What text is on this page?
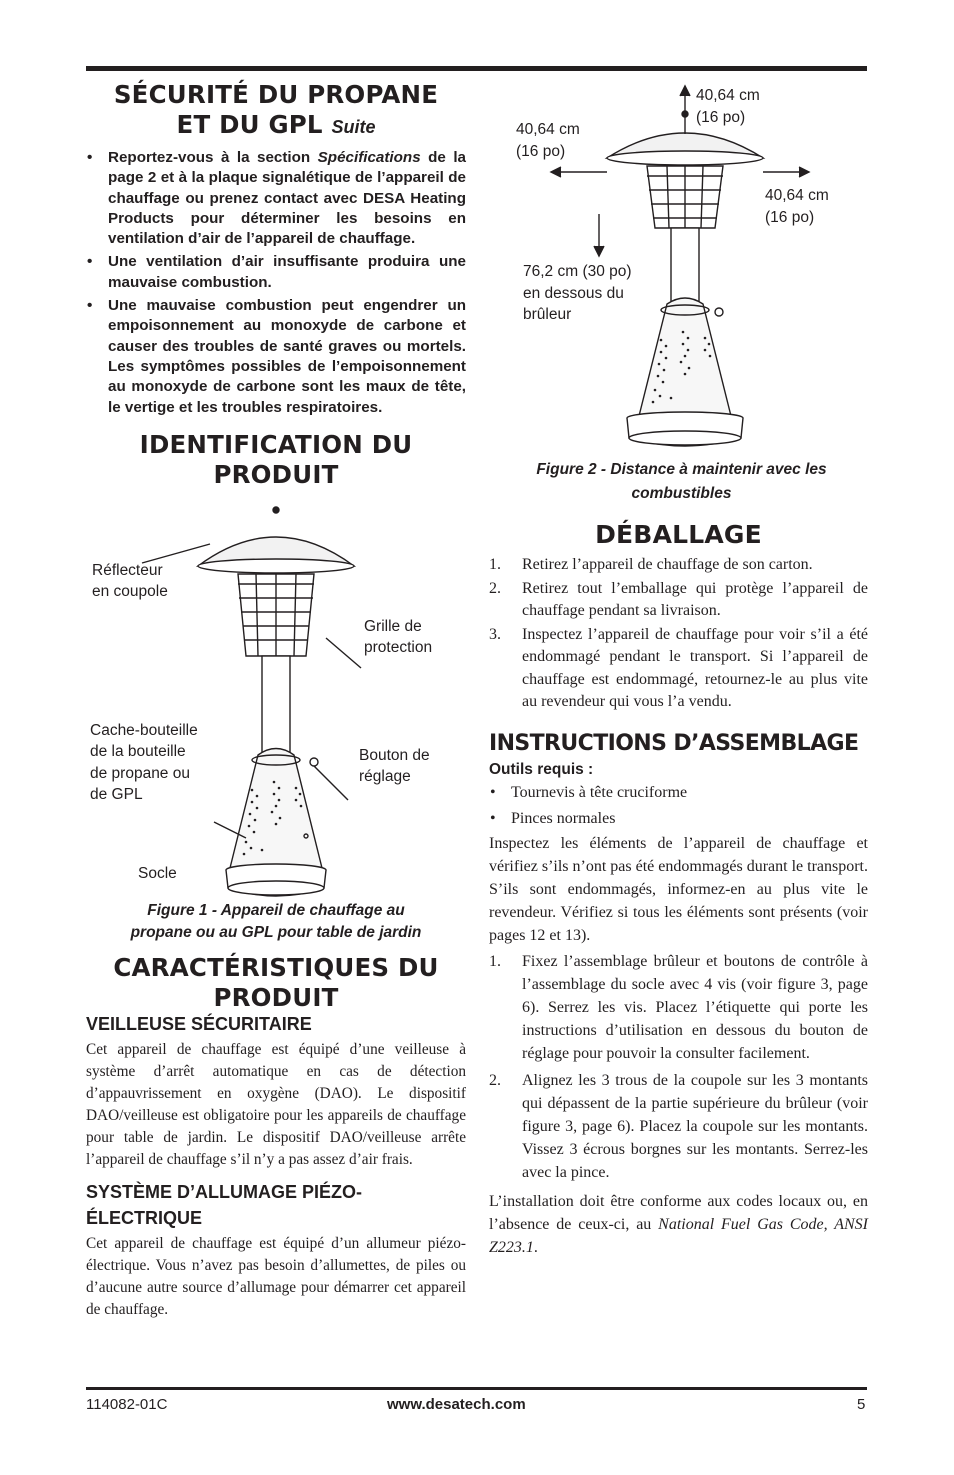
SÉCURITÉ DU PROPANE
ET DU GPL Suite
• Reportez-vous à la section Spécifications de la page 2 et à la plaque signalétique de l’appareil de chauffage ou prenez contact avec DESA Heating Products pour déterminer les besoins en ventilation d’air de l’appareil de chauffage.
• Une ventilation d’air insuffisante produira une mauvaise combustion.
• Une mauvaise combustion peut engendrer un empoisonnement au monoxyde de carbone et causer des troubles de santé graves ou mortels. Les symptômes possibles de l’empoisonnement au monoxyde de carbone sont les maux de tête, le vertige et les troubles respiratoires.
IDENTIFICATION DU
PRODUIT
Réflecteur
en coupole
Grille de
protection
Cache-bouteille
de la bouteille
de propane ou
de GPL
Bouton de
réglage
Socle
Figure 1 - Appareil de chauffage au
propane ou au GPL pour table de jardin
CARACTÉRISTIQUES DU
PRODUIT
VEILLEUSE SÉCURITAIRE
Cet appareil de chauffage est équipé d’une veilleuse à système d’arrêt automatique en cas de détection d’appauvrissement en oxygène (DAO). Le dispositif DAO/veilleuse est obligatoire pour les appareils de chauffage pour table de jardin. Le dispositif DAO/veilleuse arrête l’appareil de chauffage s’il n’y a pas assez d’air frais.
SYSTÈME D’ALLUMAGE PIÉZO-
ÉLECTRIQUE
Cet appareil de chauffage est équipé d’un allumeur piézo-électrique. Vous n’avez pas besoin d’allumettes, de piles ou d’aucune autre source d’allumage pour démarrer cet appareil de chauffage.
40,64 cm
(16 po)
40,64 cm
(16 po)
40,64 cm
(16 po)
76,2 cm (30 po)
en dessous du
brûleur
Figure 2 - Distance à maintenir avec les
combustibles
DÉBALLAGE
1. Retirez l’appareil de chauffage de son carton.
2. Retirez tout l’emballage qui protège l’appareil de chauffage pendant sa livraison.
3. Inspectez l’appareil de chauffage pour voir s’il a été endommagé pendant le transport. Si l’appareil de chauffage est endommagé, retournez-le au plus vite au revendeur qui vous l’a vendu.
INSTRUCTIONS D’ASSEMBLAGE
Outils requis :
• Tournevis à tête cruciforme
• Pinces normales
Inspectez les éléments de l’appareil de chauffage et vérifiez s’ils n’ont pas été endommagés durant le transport. S’ils sont endommagés, informez-en au plus vite le revendeur. Vérifiez si tous les éléments sont présents (voir pages 12 et 13).
1. Fixez l’assemblage brûleur et boutons de contrôle à l’assemblage du socle avec 4 vis (voir figure 3, page 6). Serrez les vis. Placez l’étiquette qui porte les instructions d’utilisation en dessous du bouton de réglage pour pouvoir la consulter facilement.
2. Alignez les 3 trous de la coupole sur les 3 montants qui dépassent de la partie supérieure du brûleur (voir figure 3, page 6). Placez la coupole sur les montants. Vissez 3 écrous borgnes sur les montants. Serrez-les avec la pince.
L’installation doit être conforme aux codes locaux ou, en l’absence de ceux-ci, au National Fuel Gas Code, ANSI Z223.1.
114082-01C	www.desatech.com	5
